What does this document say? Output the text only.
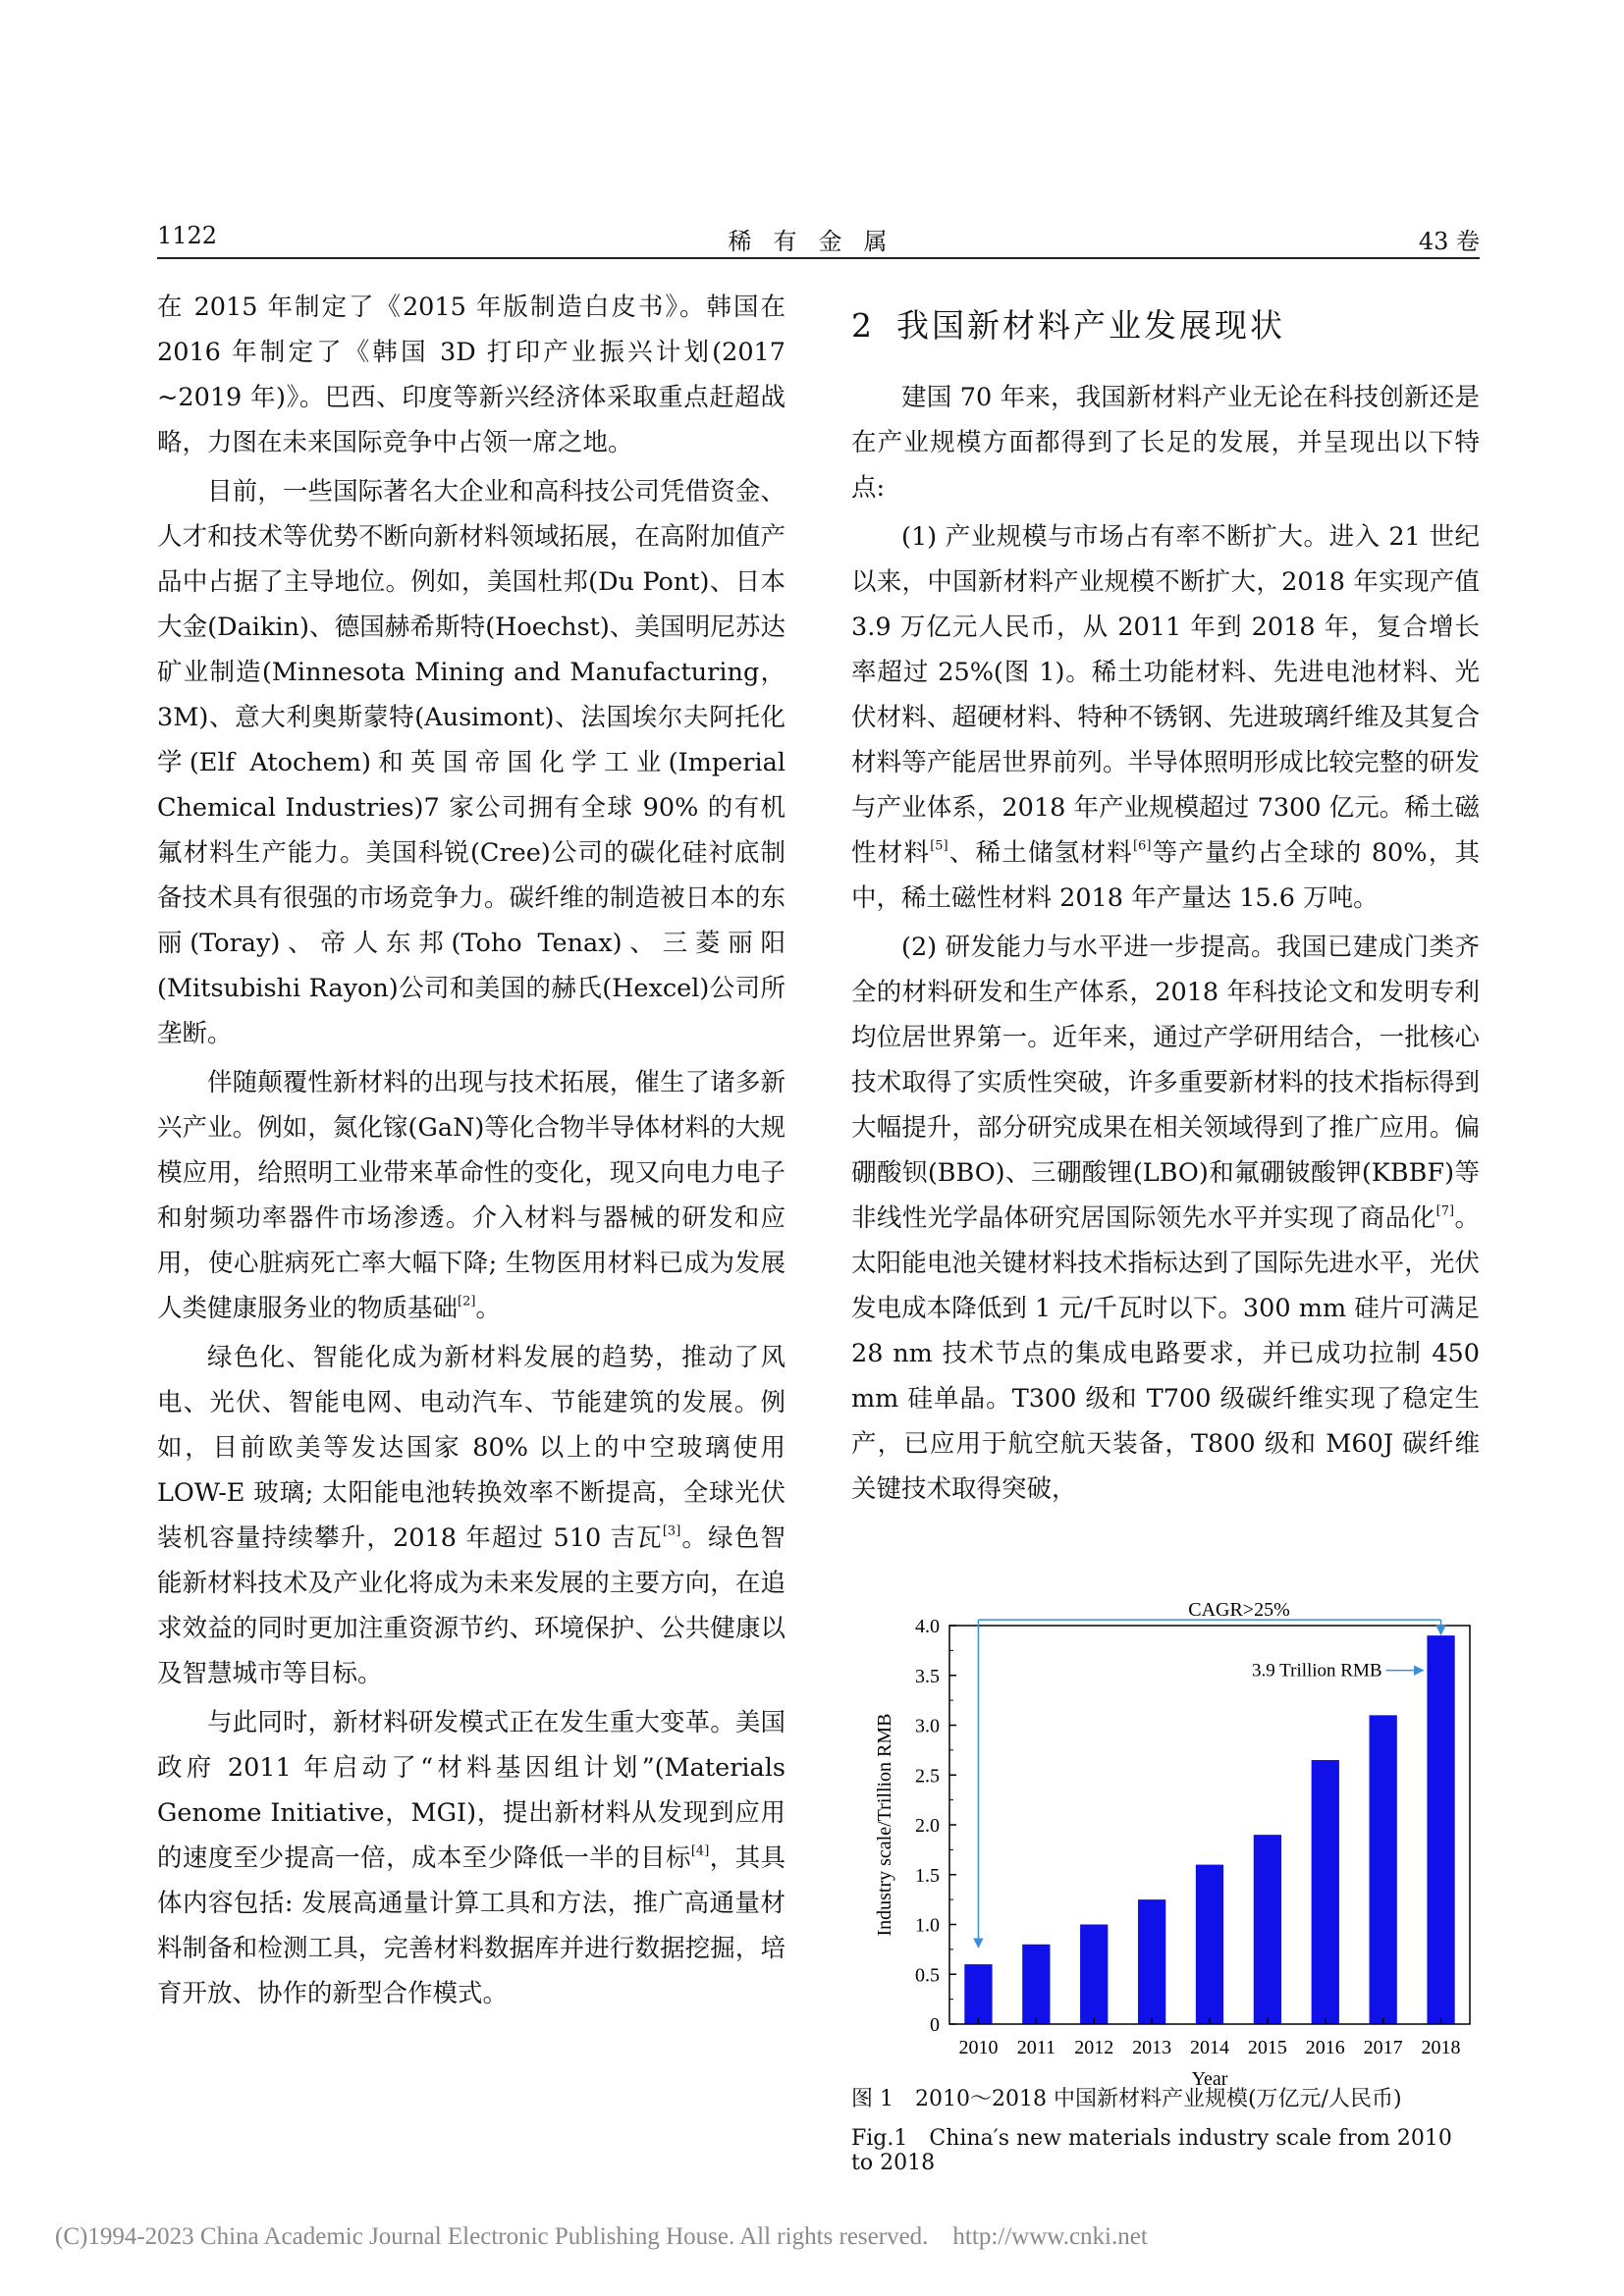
1122	稀有金属	43 卷

在 2015 年制定了《2015 年版制造白皮书》。韩国在 2016 年制定了《韩国 3D 打印产业振兴计划(2017 ~2019 年)》。巴西、印度等新兴经济体采取重点赶超战略，力图在未来国际竞争中占领一席之地。

目前，一些国际著名大企业和高科技公司凭借资金、人才和技术等优势不断向新材料领域拓展，在高附加值产品中占据了主导地位。例如，美国杜邦(Du Pont)、日本大金(Daikin)、德国赫希斯特(Hoechst)、美国明尼苏达矿业制造(Minnesota Mining and Manufacturing，3M)、意大利奥斯蒙特(Ausimont)、法国埃尔夫阿托化学(Elf Atochem)和英国帝国化学工业(Imperial Chemical Industries)7 家公司拥有全球 90% 的有机氟材料生产能力。美国科锐(Cree)公司的碳化硅衬底制备技术具有很强的市场竞争力。碳纤维的制造被日本的东丽(Toray)、帝人东邦(Toho Tenax)、三菱丽阳(Mitsubishi Rayon)公司和美国的赫氏(Hexcel)公司所垄断。

伴随颠覆性新材料的出现与技术拓展，催生了诸多新兴产业。例如，氮化镓(GaN)等化合物半导体材料的大规模应用，给照明工业带来革命性的变化，现又向电力电子和射频功率器件市场渗透。介入材料与器械的研发和应用，使心脏病死亡率大幅下降; 生物医用材料已成为发展人类健康服务业的物质基础[2]。

绿色化、智能化成为新材料发展的趋势，推动了风电、光伏、智能电网、电动汽车、节能建筑的发展。例如，目前欧美等发达国家 80% 以上的中空玻璃使用 LOW-E 玻璃; 太阳能电池转换效率不断提高，全球光伏装机容量持续攀升，2018 年超过 510 吉瓦[3]。绿色智能新材料技术及产业化将成为未来发展的主要方向，在追求效益的同时更加注重资源节约、环境保护、公共健康以及智慧城市等目标。

与此同时，新材料研发模式正在发生重大变革。美国政府 2011 年启动了“材料基因组计划”(Materials Genome Initiative，MGI)，提出新材料从发现到应用的速度至少提高一倍，成本至少降低一半的目标[4]，其具体内容包括: 发展高通量计算工具和方法，推广高通量材料制备和检测工具，完善材料数据库并进行数据挖掘，培育开放、协作的新型合作模式。

2 我国新材料产业发展现状

建国 70 年来，我国新材料产业无论在科技创新还是在产业规模方面都得到了长足的发展，并呈现出以下特点:

(1) 产业规模与市场占有率不断扩大。进入 21 世纪以来，中国新材料产业规模不断扩大，2018 年实现产值 3.9 万亿元人民币，从 2011 年到 2018 年，复合增长率超过 25%(图 1)。稀土功能材料、先进电池材料、光伏材料、超硬材料、特种不锈钢、先进玻璃纤维及其复合材料等产能居世界前列。半导体照明形成比较完整的研发与产业体系，2018 年产业规模超过 7300 亿元。稀土磁性材料[5]、稀土储氢材料[6]等产量约占全球的 80%，其中，稀土磁性材料 2018 年产量达 15.6 万吨。

(2) 研发能力与水平进一步提高。我国已建成门类齐全的材料研发和生产体系，2018 年科技论文和发明专利均位居世界第一。近年来，通过产学研用结合，一批核心技术取得了实质性突破，许多重要新材料的技术指标得到大幅提升，部分研究成果在相关领域得到了推广应用。偏硼酸钡(BBO)、三硼酸锂(LBO)和氟硼铍酸钾(KBBF)等非线性光学晶体研究居国际领先水平并实现了商品化[7]。太阳能电池关键材料技术指标达到了国际先进水平，光伏发电成本降低到 1 元/千瓦时以下。300 mm 硅片可满足 28 nm 技术节点的集成电路要求，并已成功拉制 450 mm 硅单晶。T300 级和 T700 级碳纤维实现了稳定生产，已应用于航空航天装备，T800 级和 M60J 碳纤维关键技术取得突破，

0
0.5
1.0
1.5
2.0
2.5
3.0
3.5
4.0
2010 2011 2012 2013 2014 2015 2016 2017 2018
Year
Industry scale/Trillion RMB
CAGR>25%
3.9 Trillion RMB
图 1 2010～2018 中国新材料产业规模(万亿元/人民币)
Fig.1 China′s new materials industry scale from 2010 to 2018
(C)1994-2023 China Academic Journal Electronic Publishing House. All rights reserved. http://www.cnki.net
